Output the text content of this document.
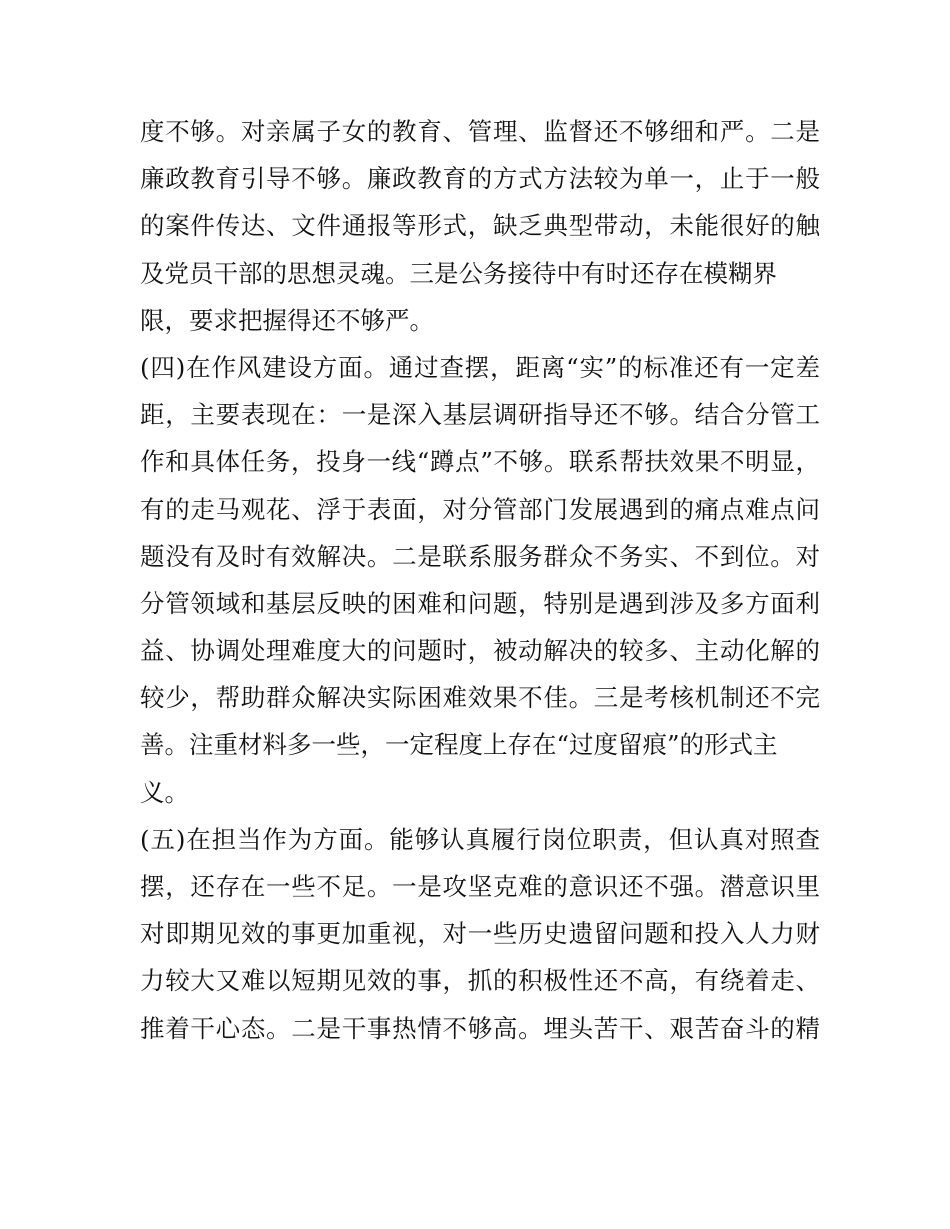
度不够。对亲属子女的教育、管理、监督还不够细和严。二是
廉政教育引导不够。廉政教育的方式方法较为单一，止于一般
的案件传达、文件通报等形式，缺乏典型带动，未能很好的触
及党员干部的思想灵魂。三是公务接待中有时还存在模糊界
限，要求把握得还不够严。
(四)在作风建设方面。通过查摆，距离“实”的标准还有一定差
距，主要表现在：一是深入基层调研指导还不够。结合分管工
作和具体任务，投身一线“蹲点”不够。联系帮扶效果不明显，
有的走马观花、浮于表面，对分管部门发展遇到的痛点难点问
题没有及时有效解决。二是联系服务群众不务实、不到位。对
分管领域和基层反映的困难和问题，特别是遇到涉及多方面利
益、协调处理难度大的问题时，被动解决的较多、主动化解的
较少，帮助群众解决实际困难效果不佳。三是考核机制还不完
善。注重材料多一些，一定程度上存在“过度留痕”的形式主
义。
(五)在担当作为方面。能够认真履行岗位职责，但认真对照查
摆，还存在一些不足。一是攻坚克难的意识还不强。潜意识里
对即期见效的事更加重视，对一些历史遗留问题和投入人力财
力较大又难以短期见效的事，抓的积极性还不高，有绕着走、
推着干心态。二是干事热情不够高。埋头苦干、艰苦奋斗的精
